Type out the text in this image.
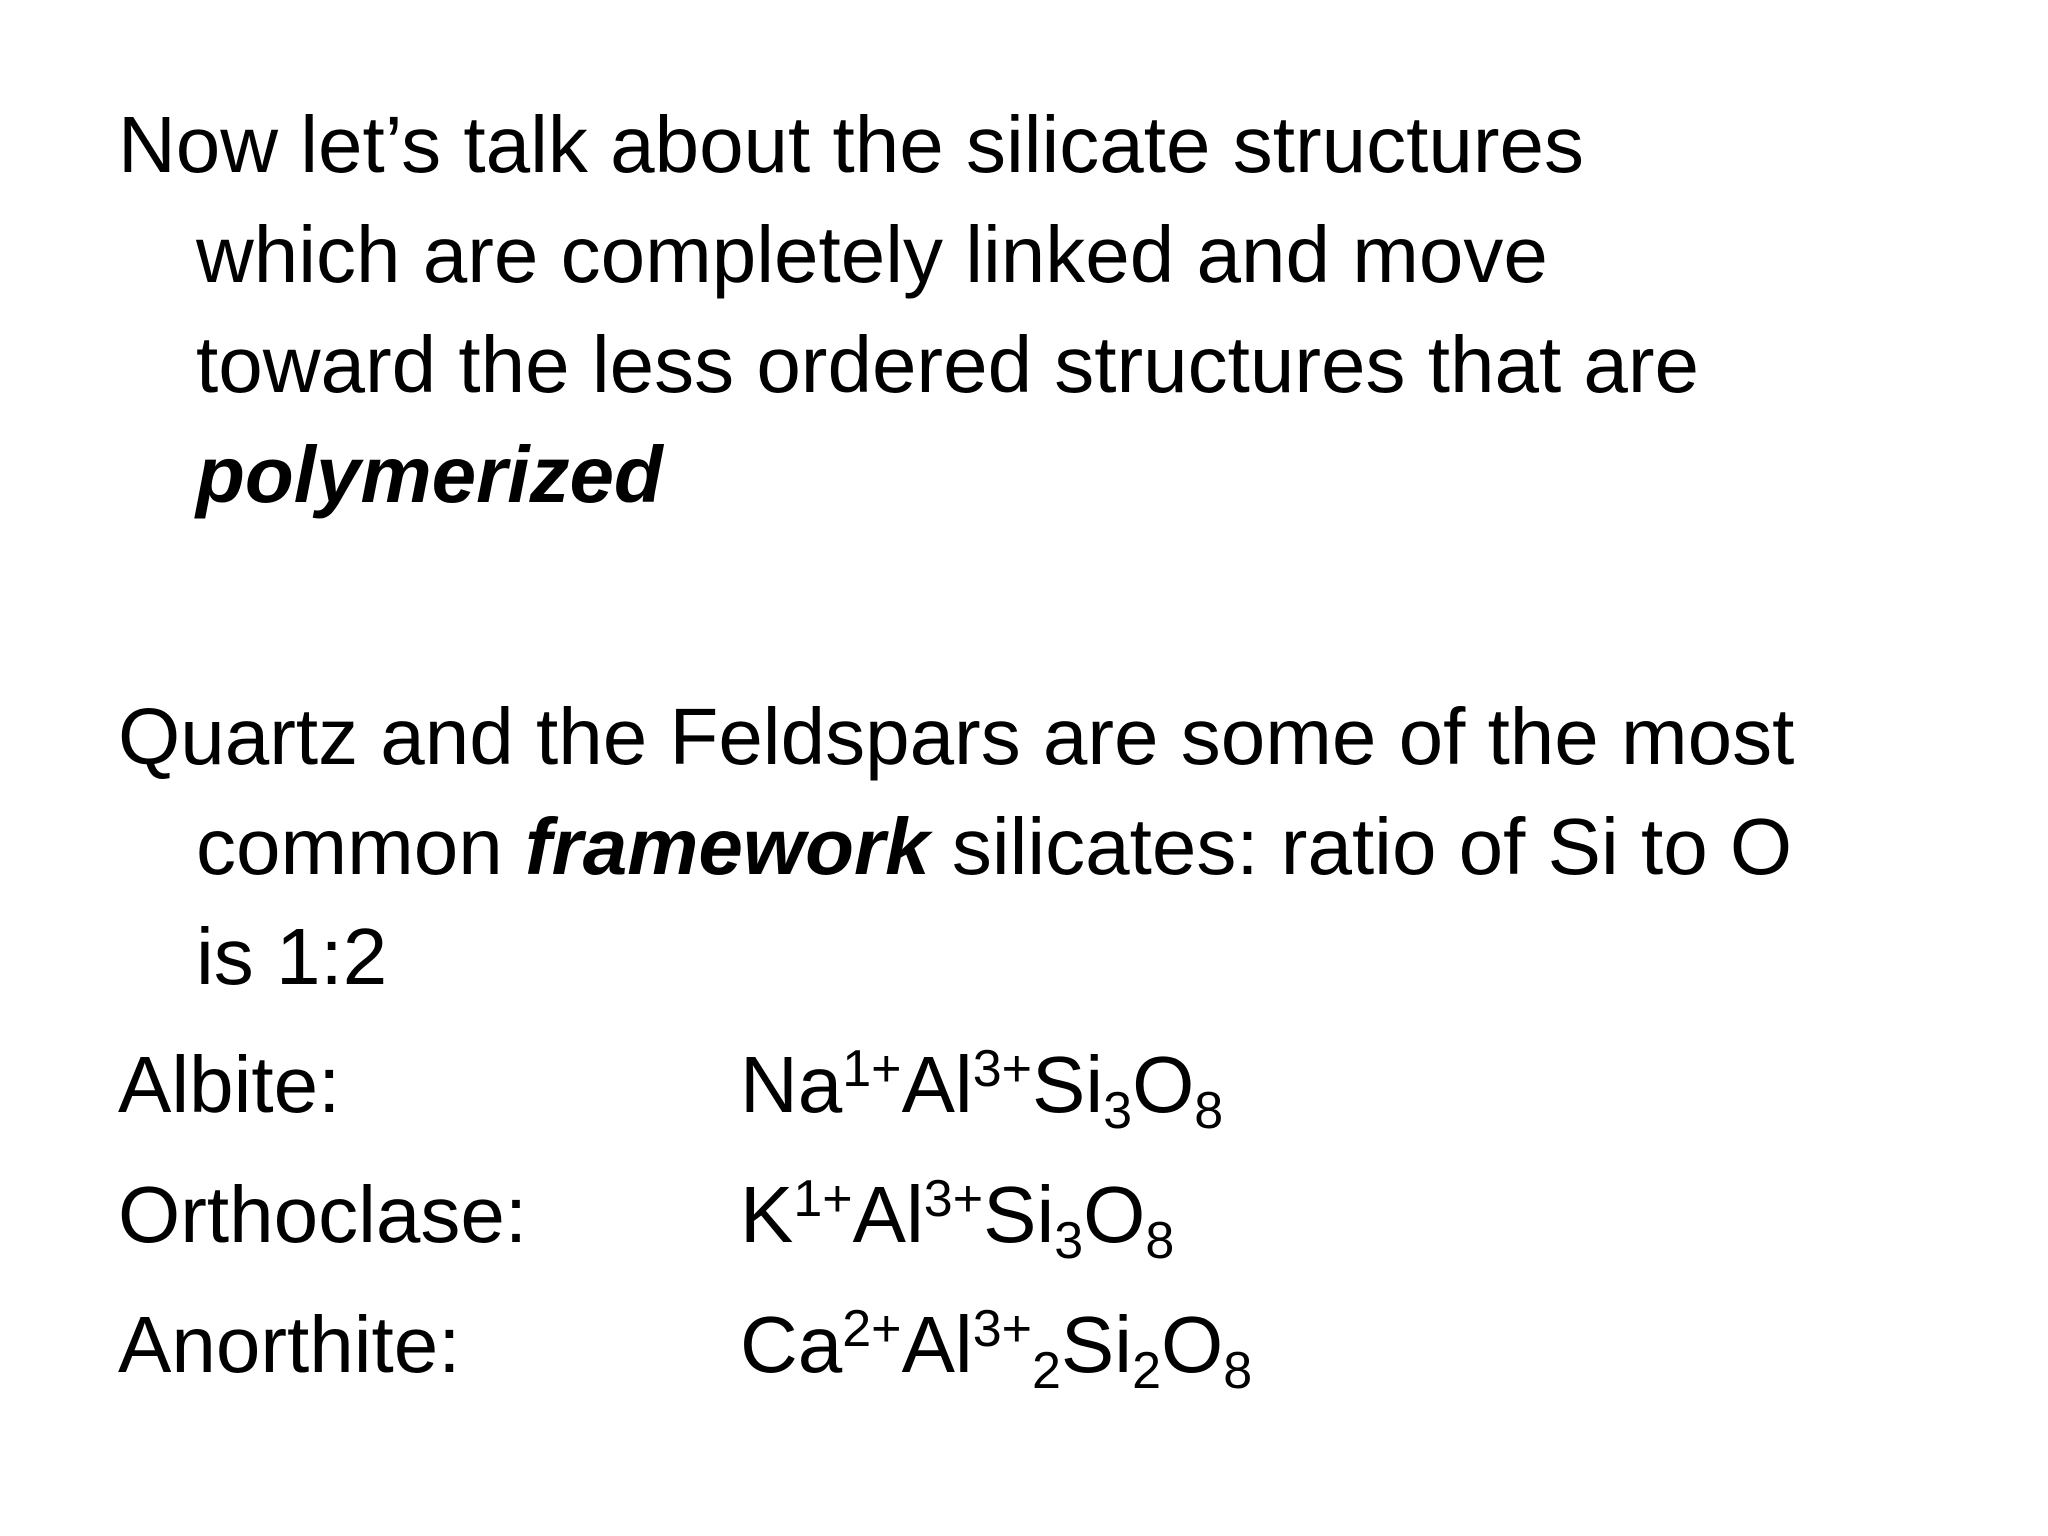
Now let’s talk about the silicate structures
which are completely linked and move
toward the less ordered structures that are
polymerized
Quartz and the Feldspars are some of the most
common framework silicates: ratio of Si to O
is 1:2
Albite:	$Na^{1+}Al^{3+}Si_3O_8$
Orthoclase:	$K^{1+}Al^{3+}Si_3O_8$
Anorthite:	$Ca^{2+}Al^{3+}_2Si_2O_8$
